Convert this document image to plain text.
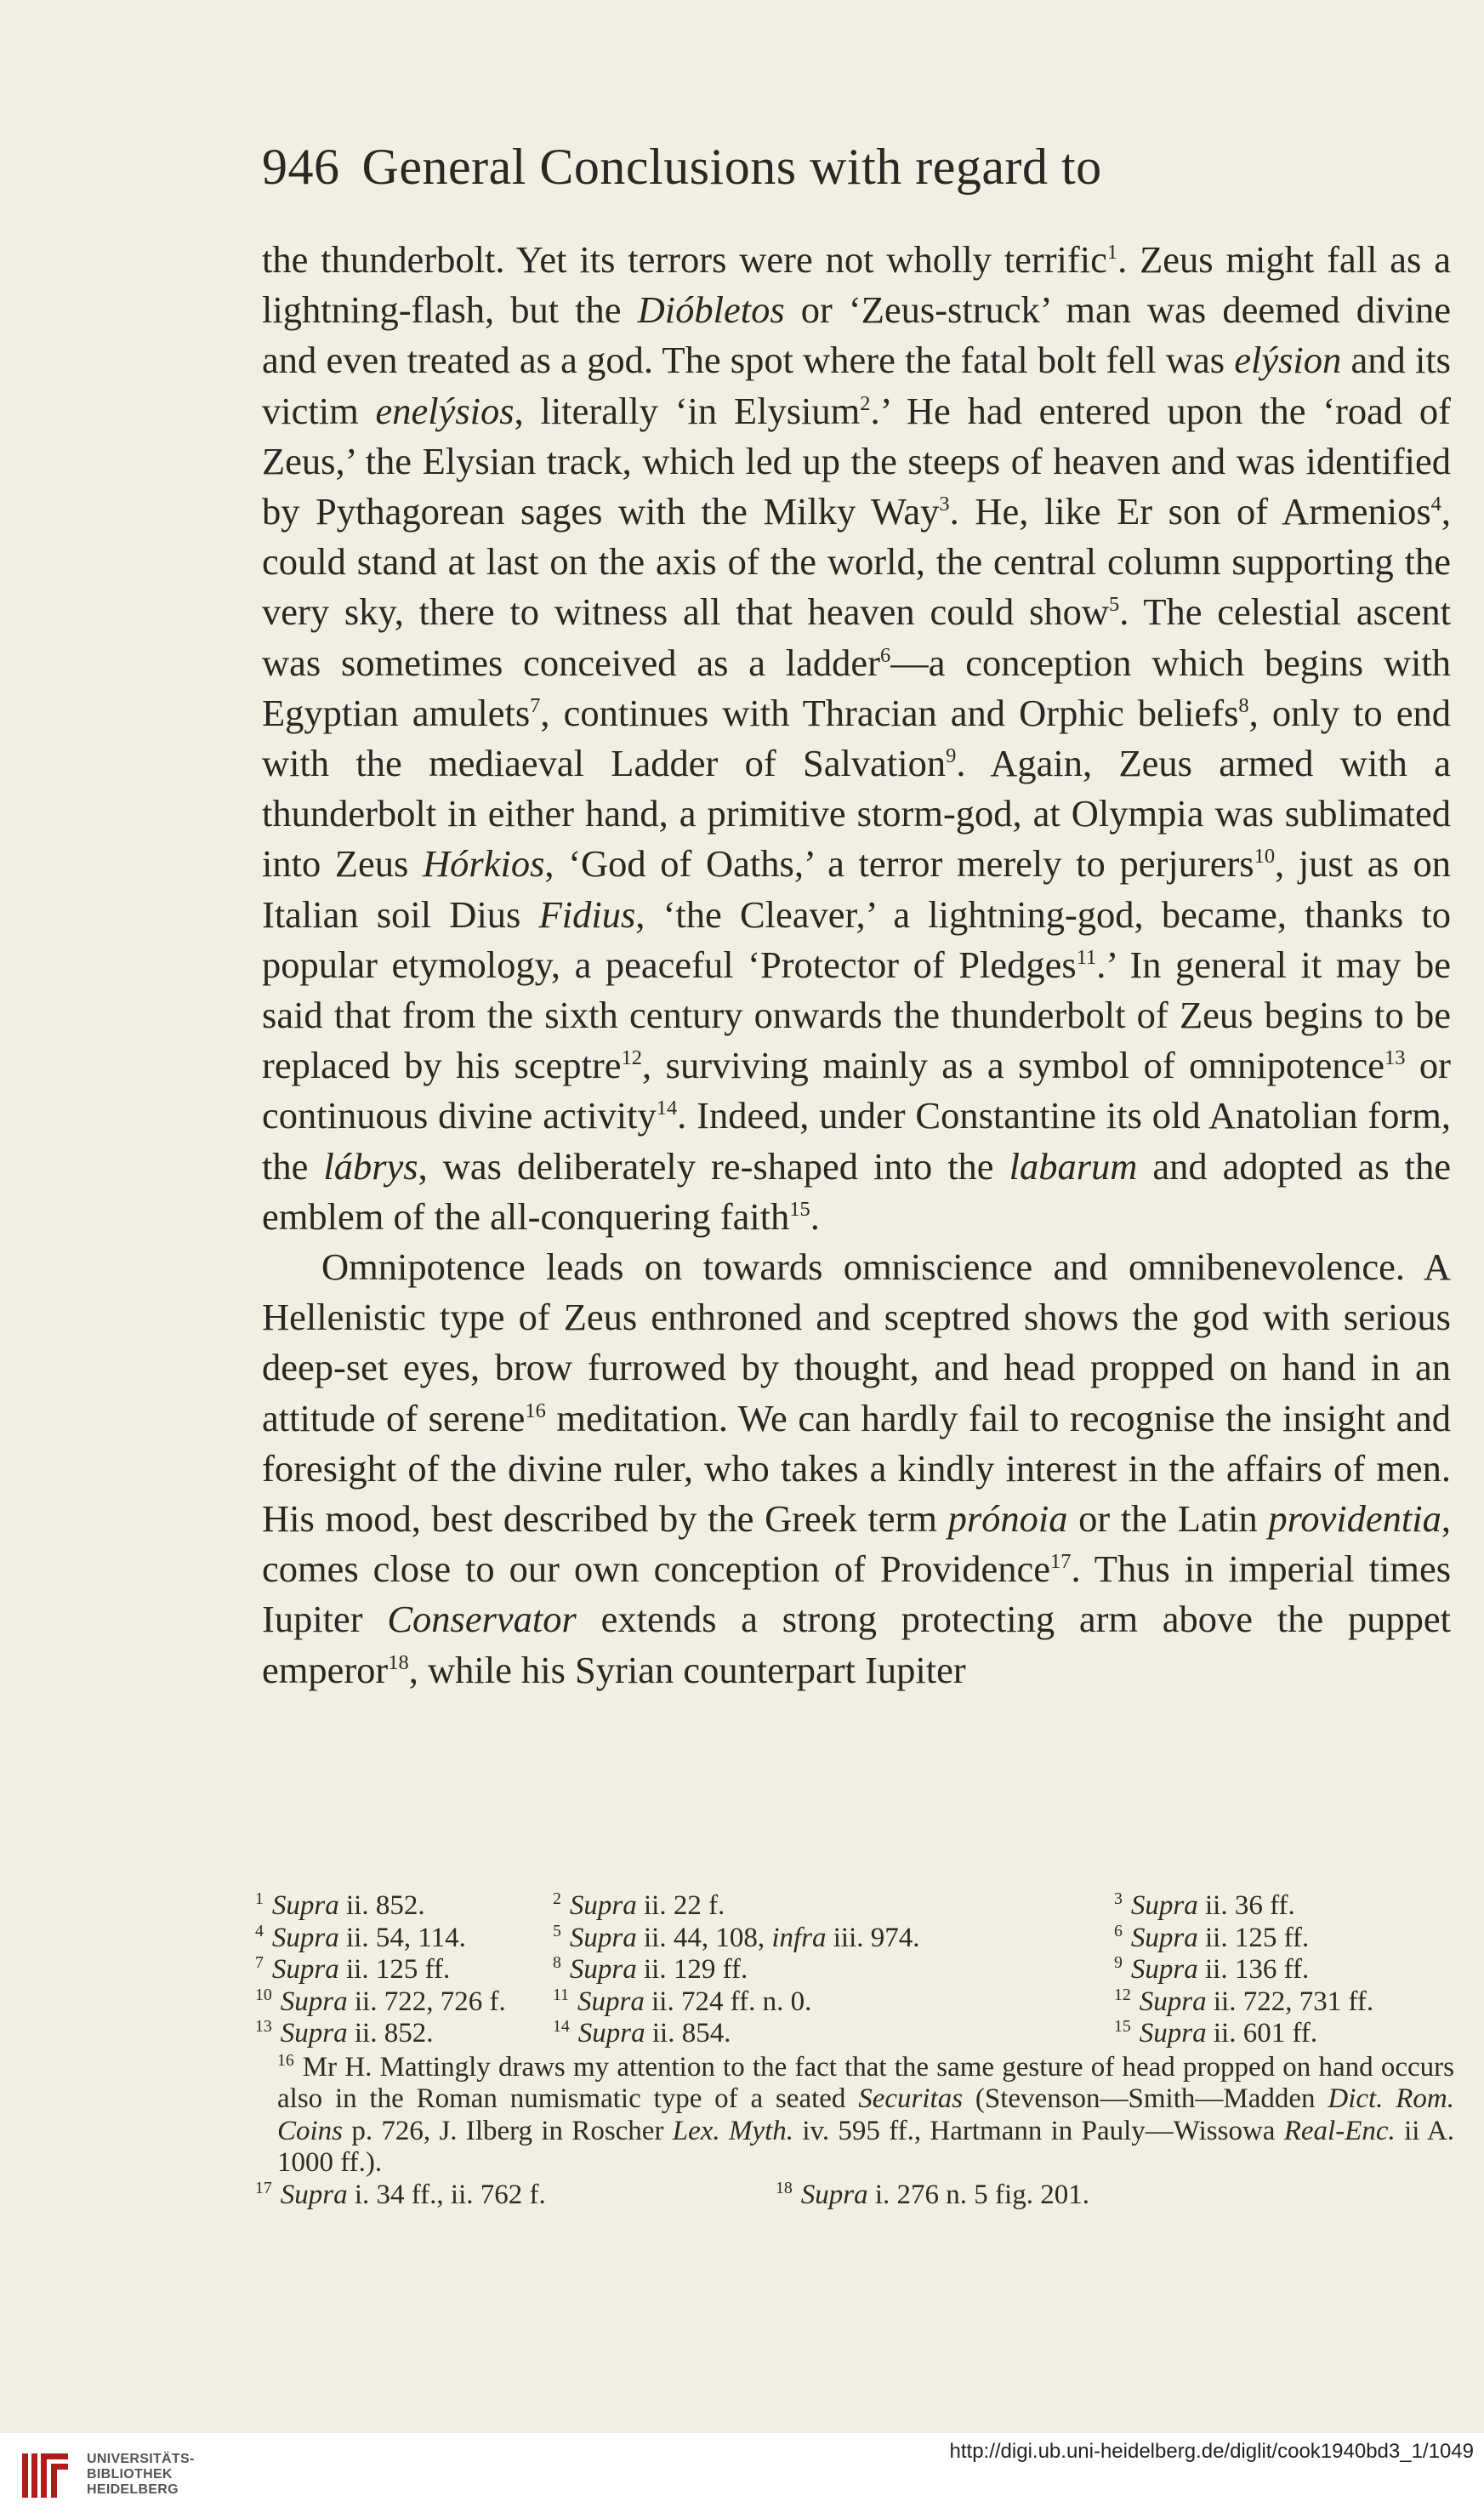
946 General Conclusions with regard to

the thunderbolt. Yet its terrors were not wholly terrific$^1$. Zeus might fall as a lightning-flash, but the Dióbletos or ‘Zeus-struck’ man was deemed divine and even treated as a god. The spot where the fatal bolt fell was elýsion and its victim enelýsios, literally ‘in Elysium$^2$.’ He had entered upon the ‘road of Zeus,’ the Elysian track, which led up the steeps of heaven and was identified by Pythagorean sages with the Milky Way$^3$. He, like Er son of Armenios$^4$, could stand at last on the axis of the world, the central column supporting the very sky, there to witness all that heaven could show$^5$. The celestial ascent was sometimes conceived as a ladder$^6$—a conception which begins with Egyptian amulets$^7$, continues with Thracian and Orphic beliefs$^8$, only to end with the mediaeval Ladder of Salvation$^9$. Again, Zeus armed with a thunderbolt in either hand, a primitive storm-god, at Olympia was sublimated into Zeus Hórkios, ‘God of Oaths,’ a terror merely to perjurers$^{10}$, just as on Italian soil Dius Fidius, ‘the Cleaver,’ a lightning-god, became, thanks to popular etymology, a peaceful ‘Protector of Pledges$^{11}$.’ In general it may be said that from the sixth century onwards the thunderbolt of Zeus begins to be replaced by his sceptre$^{12}$, surviving mainly as a symbol of omnipotence$^{13}$ or continuous divine activity$^{14}$. Indeed, under Constantine its old Anatolian form, the lábrys, was deliberately re-shaped into the labarum and adopted as the emblem of the all-conquering faith$^{15}$.

Omnipotence leads on towards omniscience and omnibenevolence. A Hellenistic type of Zeus enthroned and sceptred shows the god with serious deep-set eyes, brow furrowed by thought, and head propped on hand in an attitude of serene$^{16}$ meditation. We can hardly fail to recognise the insight and foresight of the divine ruler, who takes a kindly interest in the affairs of men. His mood, best described by the Greek term prónoia or the Latin providentia, comes close to our own conception of Providence$^{17}$. Thus in imperial times Iupiter Conservator extends a strong protecting arm above the puppet emperor$^{18}$, while his Syrian counterpart Iupiter

$^1$ Supra ii. 852.	$^2$ Supra ii. 22 f.	$^3$ Supra ii. 36 ff.
$^4$ Supra ii. 54, 114.	$^5$ Supra ii. 44, 108, infra iii. 974.	$^6$ Supra ii. 125 ff.
$^7$ Supra ii. 125 ff.	$^8$ Supra ii. 129 ff.	$^9$ Supra ii. 136 ff.
$^{10}$ Supra ii. 722, 726 f.	$^{11}$ Supra ii. 724 ff. n. 0.	$^{12}$ Supra ii. 722, 731 ff.
$^{13}$ Supra ii. 852.	$^{14}$ Supra ii. 854.	$^{15}$ Supra ii. 601 ff.
$^{16}$ Mr H. Mattingly draws my attention to the fact that the same gesture of head propped on hand occurs also in the Roman numismatic type of a seated Securitas (Stevenson—Smith—Madden Dict. Rom. Coins p. 726, J. Ilberg in Roscher Lex. Myth. iv. 595 ff., Hartmann in Pauly—Wissowa Real-Enc. ii A. 1000 ff.).
$^{17}$ Supra i. 34 ff., ii. 762 f.	$^{18}$ Supra i. 276 n. 5 fig. 201.
UNIVERSITÄTS-
BIBLIOTHEK
HEIDELBERG
http://digi.ub.uni-heidelberg.de/diglit/cook1940bd3_1/1049
